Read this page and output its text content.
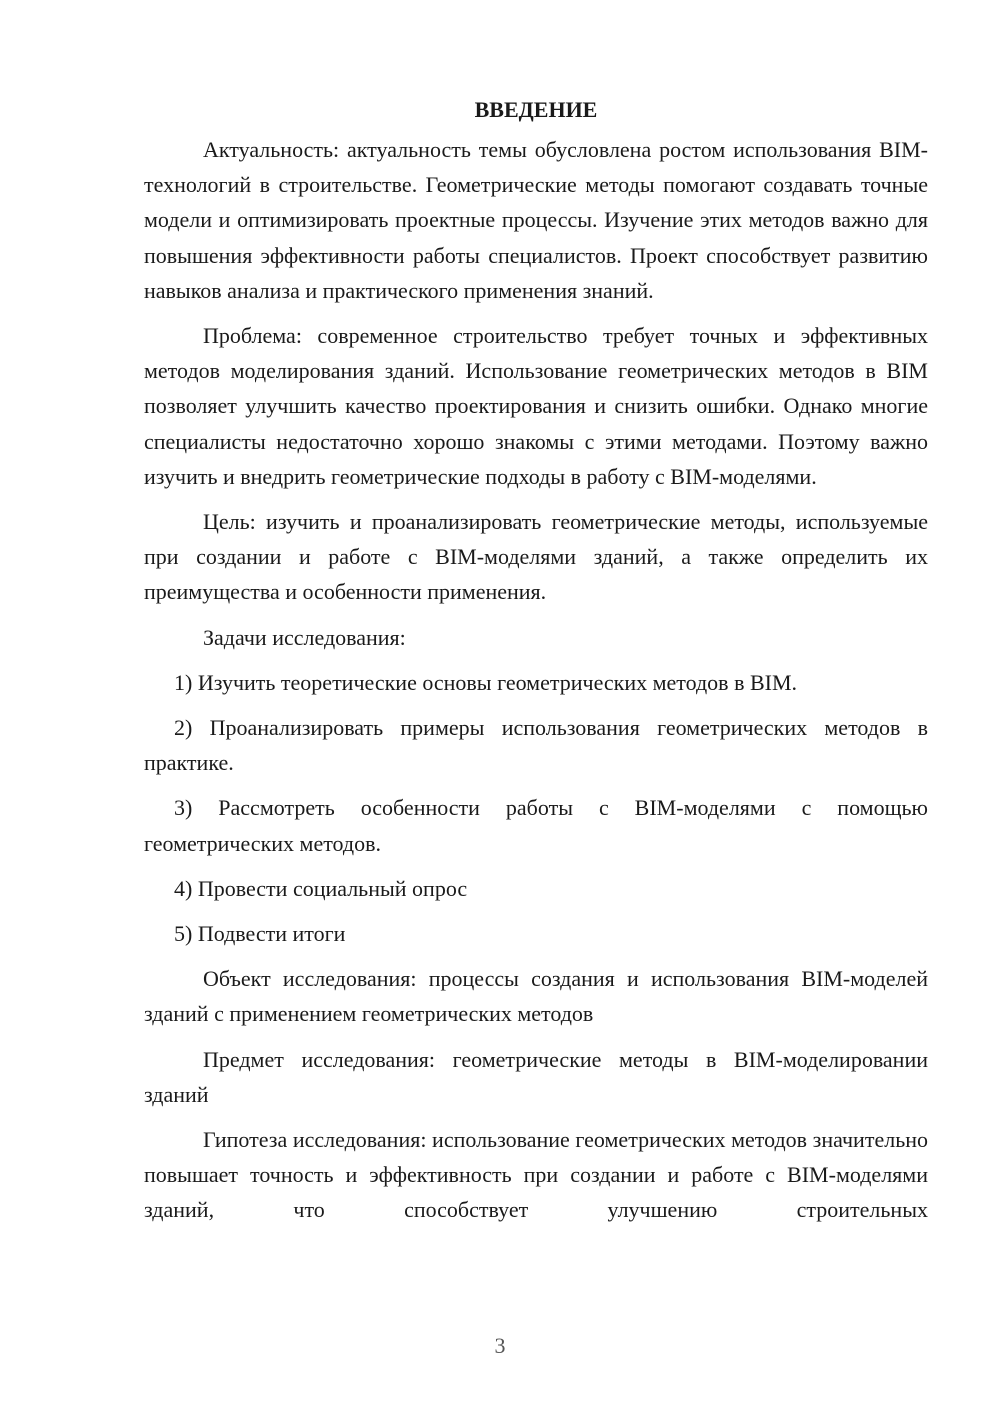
ВВЕДЕНИЕ

Актуальность: актуальность темы обусловлена ростом использования BIM-технологий в строительстве. Геометрические методы помогают создавать точные модели и оптимизировать проектные процессы. Изучение этих методов важно для повышения эффективности работы специалистов. Проект способствует развитию навыков анализа и практического применения знаний.

Проблема: современное строительство требует точных и эффективных методов моделирования зданий. Использование геометрических методов в BIM позволяет улучшить качество проектирования и снизить ошибки. Однако многие специалисты недостаточно хорошо знакомы с этими методами. Поэтому важно изучить и внедрить геометрические подходы в работу с BIM-моделями.

Цель: изучить и проанализировать геометрические методы, используемые при создании и работе с BIM-моделями зданий, а также определить их преимущества и особенности применения.

Задачи исследования:

1) Изучить теоретические основы геометрических методов в BIM.

2) Проанализировать примеры использования геометрических методов в практике.

3) Рассмотреть особенности работы с BIM-моделями с помощью геометрических методов.

4) Провести социальный опрос

5) Подвести итоги

Объект исследования: процессы создания и использования BIM-моделей зданий с применением геометрических методов

Предмет исследования: геометрические методы в BIM-моделировании зданий

Гипотеза исследования: использование геометрических методов значительно повышает точность и эффективность при создании и работе с BIM-моделями зданий, что способствует улучшению строительных

3
